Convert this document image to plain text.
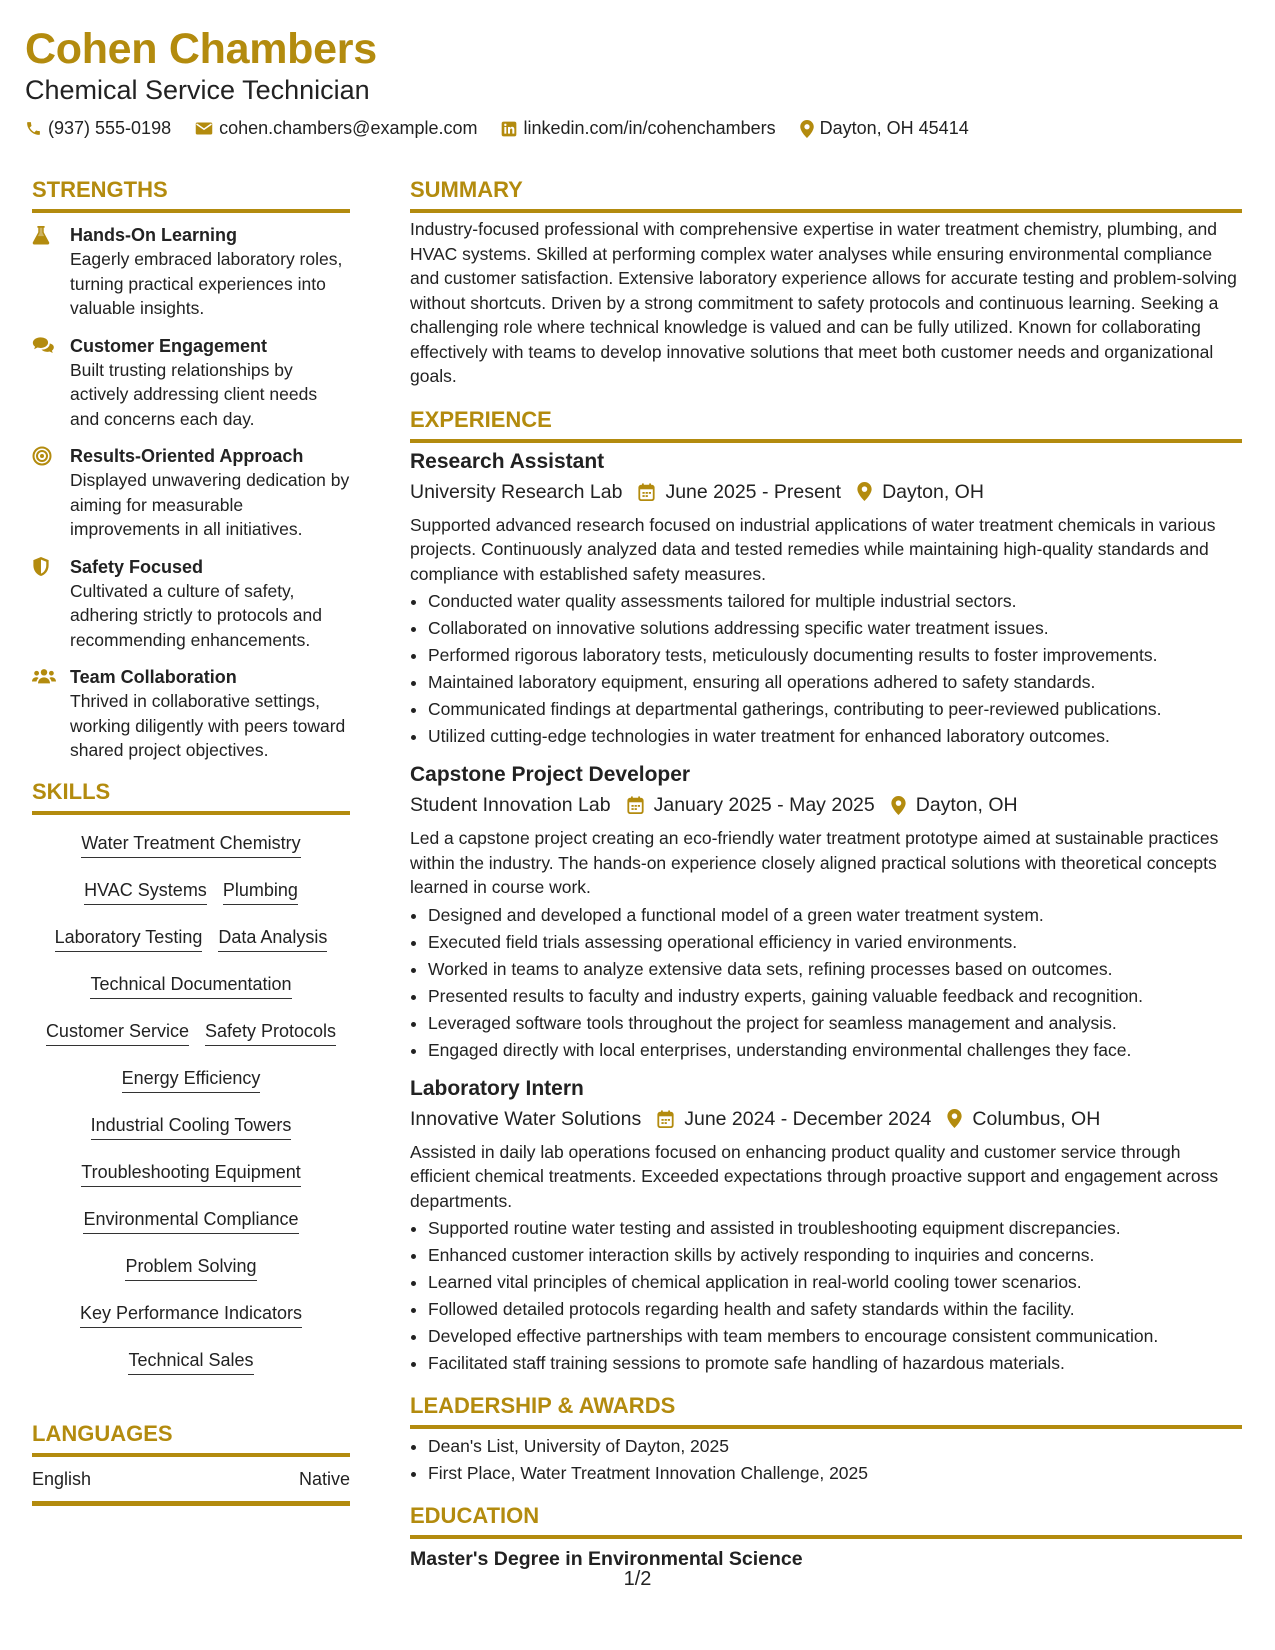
Cohen Chambers
Chemical Service Technician
(937) 555-0198	cohen.chambers@example.com	linkedin.com/in/cohenchambers Dayton, OH 45414
STRENGTHS
Hands-On Learning
Eagerly embraced laboratory roles, turning practical experiences into valuable insights.
Customer Engagement
Built trusting relationships by actively addressing client needs and concerns each day.
Results-Oriented Approach
Displayed unwavering dedication by aiming for measurable improvements in all initiatives.
Safety Focused
Cultivated a culture of safety, adhering strictly to protocols and recommending enhancements.
Team Collaboration
Thrived in collaborative settings, working diligently with peers toward shared project objectives.
SKILLS
Water Treatment Chemistry
HVAC Systems Plumbing
Laboratory Testing Data Analysis
Technical Documentation
Customer Service Safety Protocols
Energy Efficiency
Industrial Cooling Towers
Troubleshooting Equipment
Environmental Compliance
Problem Solving
Key Performance Indicators
Technical Sales
LANGUAGES
English	Native
SUMMARY
Industry-focused professional with comprehensive expertise in water treatment chemistry, plumbing, and HVAC systems. Skilled at performing complex water analyses while ensuring environmental compliance and customer satisfaction. Extensive laboratory experience allows for accurate testing and problem-solving without shortcuts. Driven by a strong commitment to safety protocols and continuous learning. Seeking a challenging role where technical knowledge is valued and can be fully utilized. Known for collaborating effectively with teams to develop innovative solutions that meet both customer needs and organizational goals.
EXPERIENCE
Research Assistant
University Research Lab June 2025 - Present Dayton, OH
Supported advanced research focused on industrial applications of water treatment chemicals in various projects. Continuously analyzed data and tested remedies while maintaining high-quality standards and compliance with established safety measures.
• Conducted water quality assessments tailored for multiple industrial sectors.
• Collaborated on innovative solutions addressing specific water treatment issues.
• Performed rigorous laboratory tests, meticulously documenting results to foster improvements.
• Maintained laboratory equipment, ensuring all operations adhered to safety standards.
• Communicated findings at departmental gatherings, contributing to peer-reviewed publications.
• Utilized cutting-edge technologies in water treatment for enhanced laboratory outcomes.
Capstone Project Developer
Student Innovation Lab January 2025 - May 2025 Dayton, OH
Led a capstone project creating an eco-friendly water treatment prototype aimed at sustainable practices within the industry. The hands-on experience closely aligned practical solutions with theoretical concepts learned in course work.
• Designed and developed a functional model of a green water treatment system.
• Executed field trials assessing operational efficiency in varied environments.
• Worked in teams to analyze extensive data sets, refining processes based on outcomes.
• Presented results to faculty and industry experts, gaining valuable feedback and recognition.
• Leveraged software tools throughout the project for seamless management and analysis.
• Engaged directly with local enterprises, understanding environmental challenges they face.
Laboratory Intern
Innovative Water Solutions June 2024 - December 2024 Columbus, OH
Assisted in daily lab operations focused on enhancing product quality and customer service through efficient chemical treatments. Exceeded expectations through proactive support and engagement across departments.
• Supported routine water testing and assisted in troubleshooting equipment discrepancies.
• Enhanced customer interaction skills by actively responding to inquiries and concerns.
• Learned vital principles of chemical application in real-world cooling tower scenarios.
• Followed detailed protocols regarding health and safety standards within the facility.
• Developed effective partnerships with team members to encourage consistent communication.
• Facilitated staff training sessions to promote safe handling of hazardous materials.
LEADERSHIP & AWARDS
• Dean's List, University of Dayton, 2025
• First Place, Water Treatment Innovation Challenge, 2025
EDUCATION
Master's Degree in Environmental Science
1/2
